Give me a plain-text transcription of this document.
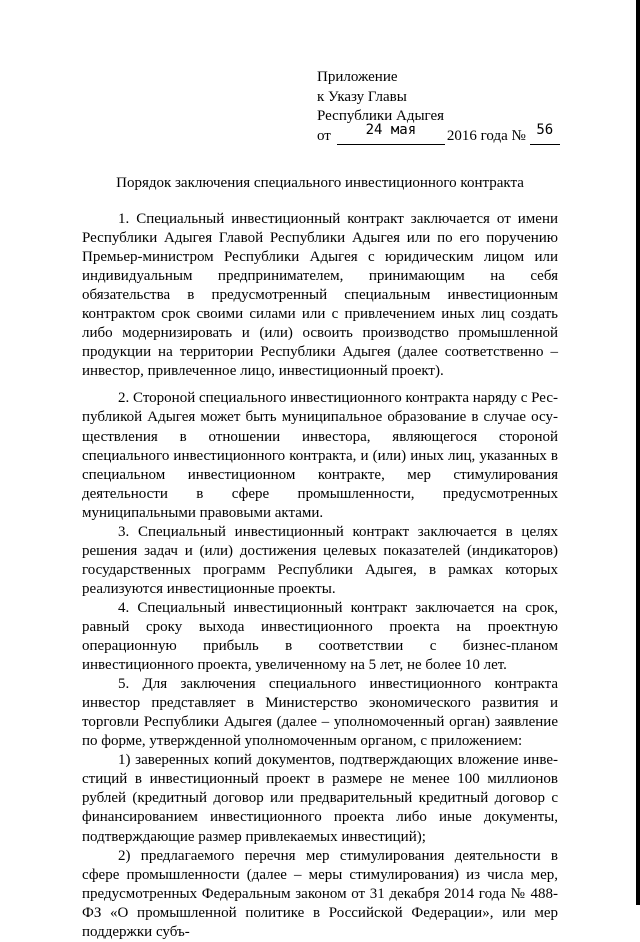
Приложение
к Указу Главы
Республики Адыгея
от 24 мая 2016 года № 56
Порядок заключения специального инвестиционного контракта

1. Специальный инвестиционный контракт заключается от имени Республики Адыгея Главой Республики Адыгея или по его поручению Премьер-министром Республики Адыгея с юридическим лицом или индивидуальным предпринимателем, принимающим на себя обязательства в предусмотренный специальным инвестиционным контрактом срок своими силами или с привлечением иных лиц создать либо модернизировать и (или) освоить производство промышленной продукции на территории Республики Адыгея (далее соответственно – инвестор, привлеченное лицо, инвестиционный проект).

2. Стороной специального инвестиционного контракта наряду с Республикой Адыгея может быть муниципальное образование в случае осуществления в отношении инвестора, являющегося стороной специального инвестиционного контракта, и (или) иных лиц, указанных в специальном инвестиционном контракте, мер стимулирования деятельности в сфере промышленности, предусмотренных муниципальными правовыми актами.

3. Специальный инвестиционный контракт заключается в целях решения задач и (или) достижения целевых показателей (индикаторов) государственных программ Республики Адыгея, в рамках которых реализуются инвестиционные проекты.

4. Специальный инвестиционный контракт заключается на срок, равный сроку выхода инвестиционного проекта на проектную операционную прибыль в соответствии с бизнес-планом инвестиционного проекта, увеличенному на 5 лет, не более 10 лет.

5. Для заключения специального инвестиционного контракта инвестор представляет в Министерство экономического развития и торговли Республики Адыгея (далее – уполномоченный орган) заявление по форме, утвержденной уполномоченным органом, с приложением:

1) заверенных копий документов, подтверждающих вложение инвестиций в инвестиционный проект в размере не менее 100 миллионов рублей (кредитный договор или предварительный кредитный договор с финансированием инвестиционного проекта либо иные документы, подтверждающие размер привлекаемых инвестиций);

2) предлагаемого перечня мер стимулирования деятельности в сфере промышленности (далее – меры стимулирования) из числа мер, предусмотренных Федеральным законом от 31 декабря 2014 года № 488-ФЗ «О промышленной политике в Российской Федерации», или мер поддержки субъ-
